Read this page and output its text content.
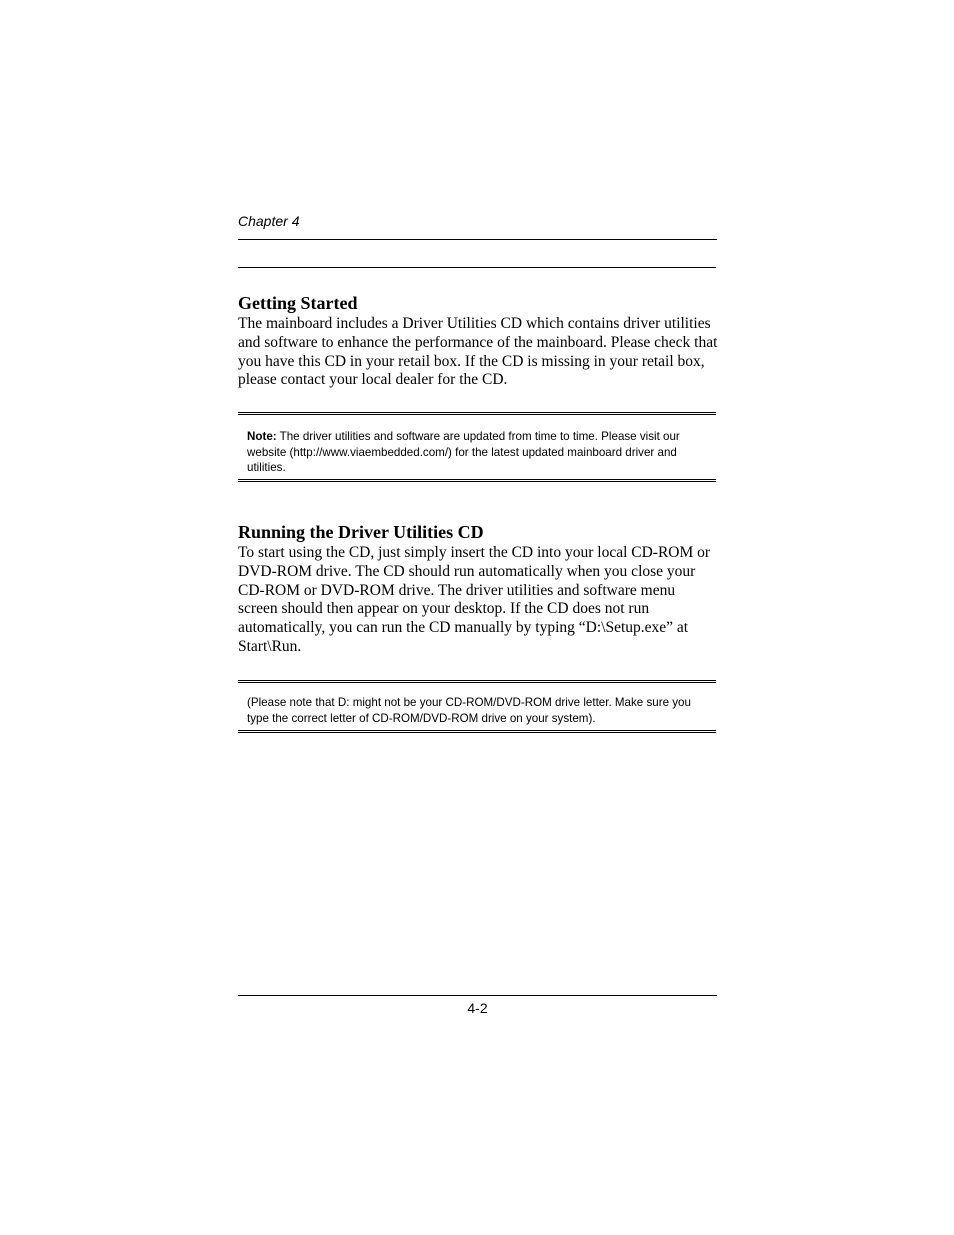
Chapter 4
Getting Started

The mainboard includes a Driver Utilities CD which contains driver utilities and software to enhance the performance of the mainboard. Please check that you have this CD in your retail box. If the CD is missing in your retail box, please contact your local dealer for the CD.

Note: The driver utilities and software are updated from time to time. Please visit our website (http://www.viaembedded.com/) for the latest updated mainboard driver and utilities.
Running the Driver Utilities CD

To start using the CD, just simply insert the CD into your local CD-ROM or DVD-ROM drive. The CD should run automatically when you close your CD-ROM or DVD-ROM drive. The driver utilities and software menu screen should then appear on your desktop. If the CD does not run automatically, you can run the CD manually by typing “D:\Setup.exe” at Start\Run.

(Please note that D: might not be your CD-ROM/DVD-ROM drive letter. Make sure you type the correct letter of CD-ROM/DVD-ROM drive on your system).
4-2
